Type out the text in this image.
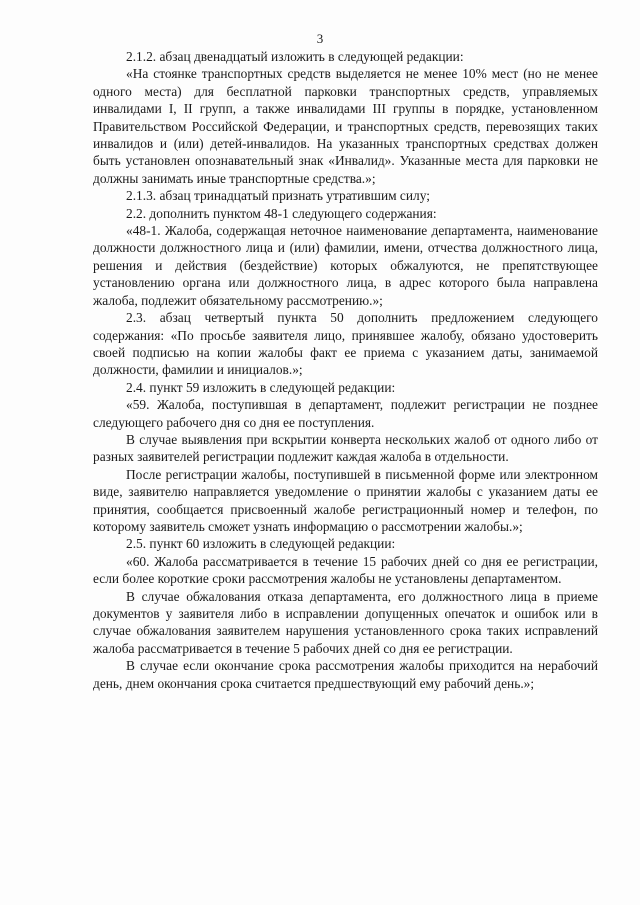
3

2.1.2. абзац двенадцатый изложить в следующей редакции:

«На стоянке транспортных средств выделяется не менее 10% мест (но не менее одного места) для бесплатной парковки транспортных средств, управляемых инвалидами I, II групп, а также инвалидами III группы в порядке, установленном Правительством Российской Федерации, и транспортных средств, перевозящих таких инвалидов и (или) детей-инвалидов. На указанных транспортных средствах должен быть установлен опознавательный знак «Инвалид». Указанные места для парковки не должны занимать иные транспортные средства.»;

2.1.3. абзац тринадцатый признать утратившим силу;

2.2. дополнить пунктом 48-1 следующего содержания:

«48-1. Жалоба, содержащая неточное наименование департамента, наименование должности должностного лица и (или) фамилии, имени, отчества должностного лица, решения и действия (бездействие) которых обжалуются, не препятствующее установлению органа или должностного лица, в адрес которого была направлена жалоба, подлежит обязательному рассмотрению.»;

2.3. абзац четвертый пункта 50 дополнить предложением следующего содержания: «По просьбе заявителя лицо, принявшее жалобу, обязано удостоверить своей подписью на копии жалобы факт ее приема с указанием даты, занимаемой должности, фамилии и инициалов.»;

2.4. пункт 59 изложить в следующей редакции:

«59. Жалоба, поступившая в департамент, подлежит регистрации не позднее следующего рабочего дня со дня ее поступления.

В случае выявления при вскрытии конверта нескольких жалоб от одного либо от разных заявителей регистрации подлежит каждая жалоба в отдельности.

После регистрации жалобы, поступившей в письменной форме или электронном виде, заявителю направляется уведомление о принятии жалобы с указанием даты ее принятия, сообщается присвоенный жалобе регистрационный номер и телефон, по которому заявитель сможет узнать информацию о рассмотрении жалобы.»;

2.5. пункт 60 изложить в следующей редакции:

«60. Жалоба рассматривается в течение 15 рабочих дней со дня ее регистрации, если более короткие сроки рассмотрения жалобы не установлены департаментом.

В случае обжалования отказа департамента, его должностного лица в приеме документов у заявителя либо в исправлении допущенных опечаток и ошибок или в случае обжалования заявителем нарушения установленного срока таких исправлений жалоба рассматривается в течение 5 рабочих дней со дня ее регистрации.

В случае если окончание срока рассмотрения жалобы приходится на нерабочий день, днем окончания срока считается предшествующий ему рабочий день.»;
